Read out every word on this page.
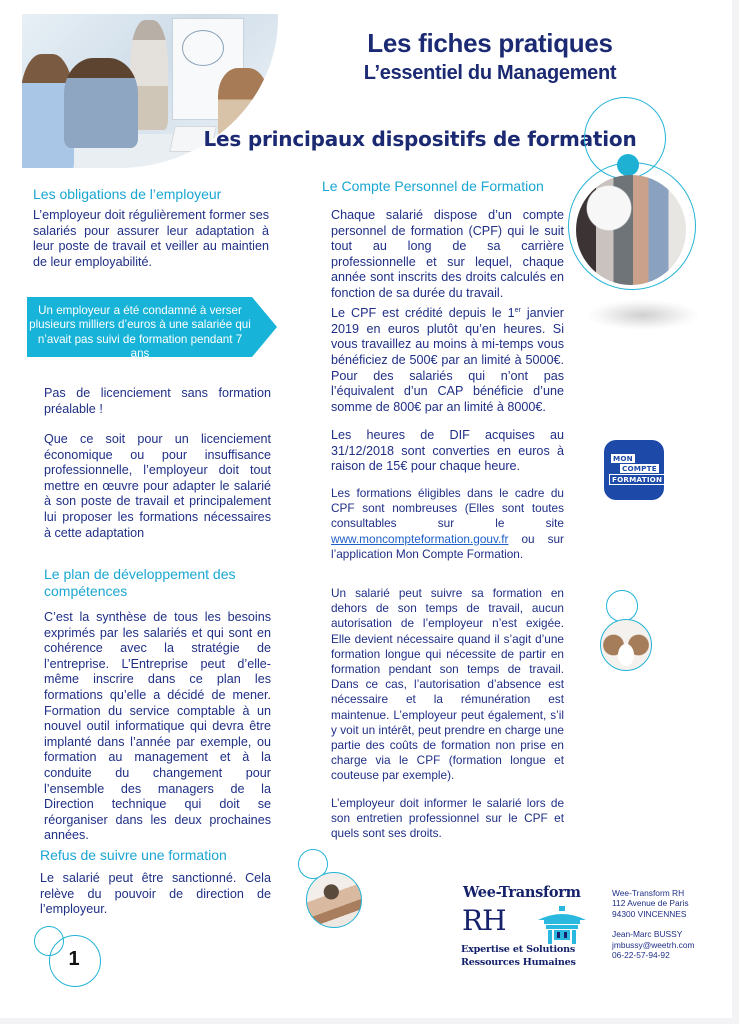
Les fiches pratiques
L’essentiel du Management
Les principaux dispositifs de formation
Les obligations de l’employeur
L’employeur doit régulièrement former ses salariés pour assurer leur adaptation à leur poste de travail et veiller au maintien de leur employabilité.
Un employeur a été condamné à verser plusieurs milliers d’euros à une salariée qui n’avait pas suivi de formation pendant 7 ans
Pas de licenciement sans formation préalable !
Que ce soit pour un licenciement économique ou pour insuffisance professionnelle, l’employeur doit tout mettre en œuvre pour adapter le salarié à son poste de travail et principalement lui proposer les formations nécessaires à cette adaptation
Le plan de développement des compétences
C’est la synthèse de tous les besoins exprimés par les salariés et qui sont en cohérence avec la stratégie de l’entreprise. L’Entreprise peut d’elle-même inscrire dans ce plan les formations qu’elle a décidé de mener. Formation du service comptable à un nouvel outil informatique qui devra être implanté dans l’année par exemple, ou formation au management et à la conduite du changement pour l’ensemble des managers de la Direction technique qui doit se réorganiser dans les deux prochaines années.
Refus de suivre une formation
Le salarié peut être sanctionné. Cela relève du pouvoir de direction de l’employeur.
1
Le Compte Personnel de Formation
Chaque salarié dispose d’un compte personnel de formation (CPF) qui le suit tout au long de sa carrière professionnelle et sur lequel, chaque année sont inscrits des droits calculés en fonction de sa durée du travail.
Le CPF est crédité depuis le 1er janvier 2019 en euros plutôt qu’en heures. Si vous travaillez au moins à mi-temps vous bénéficiez de 500€ par an limité à 5000€. Pour des salariés qui n’ont pas l’équivalent d’un CAP bénéficie d’une somme de 800€ par an limité à 8000€.
Les heures de DIF acquises au 31/12/2018 sont converties en euros à raison de 15€ pour chaque heure.
Les formations éligibles dans le cadre du CPF sont nombreuses (Elles sont toutes consultables sur le site www.moncompteformation.gouv.fr ou sur l’application Mon Compte Formation.
Un salarié peut suivre sa formation en dehors de son temps de travail, aucun autorisation de l’employeur n’est exigée. Elle devient nécessaire quand il s’agit d’une formation longue qui nécessite de partir en formation pendant son temps de travail. Dans ce cas, l’autorisation d’absence est nécessaire et la rémunération est maintenue. L’employeur peut également, s’il y voit un intérêt, peut prendre en charge une partie des coûts de formation non prise en charge via le CPF (formation longue et couteuse par exemple).
L’employeur doit informer le salarié lors de son entretien professionnel sur le CPF et quels sont ses droits.
MON
COMPTE
FORMATION
Wee-Transform
RH
Expertise et Solutions
Ressources Humaines
Wee-Transform RH
112 Avenue de Paris
94300 VINCENNES
Jean-Marc BUSSY
jmbussy@weetrh.com
06-22-57-94-92
